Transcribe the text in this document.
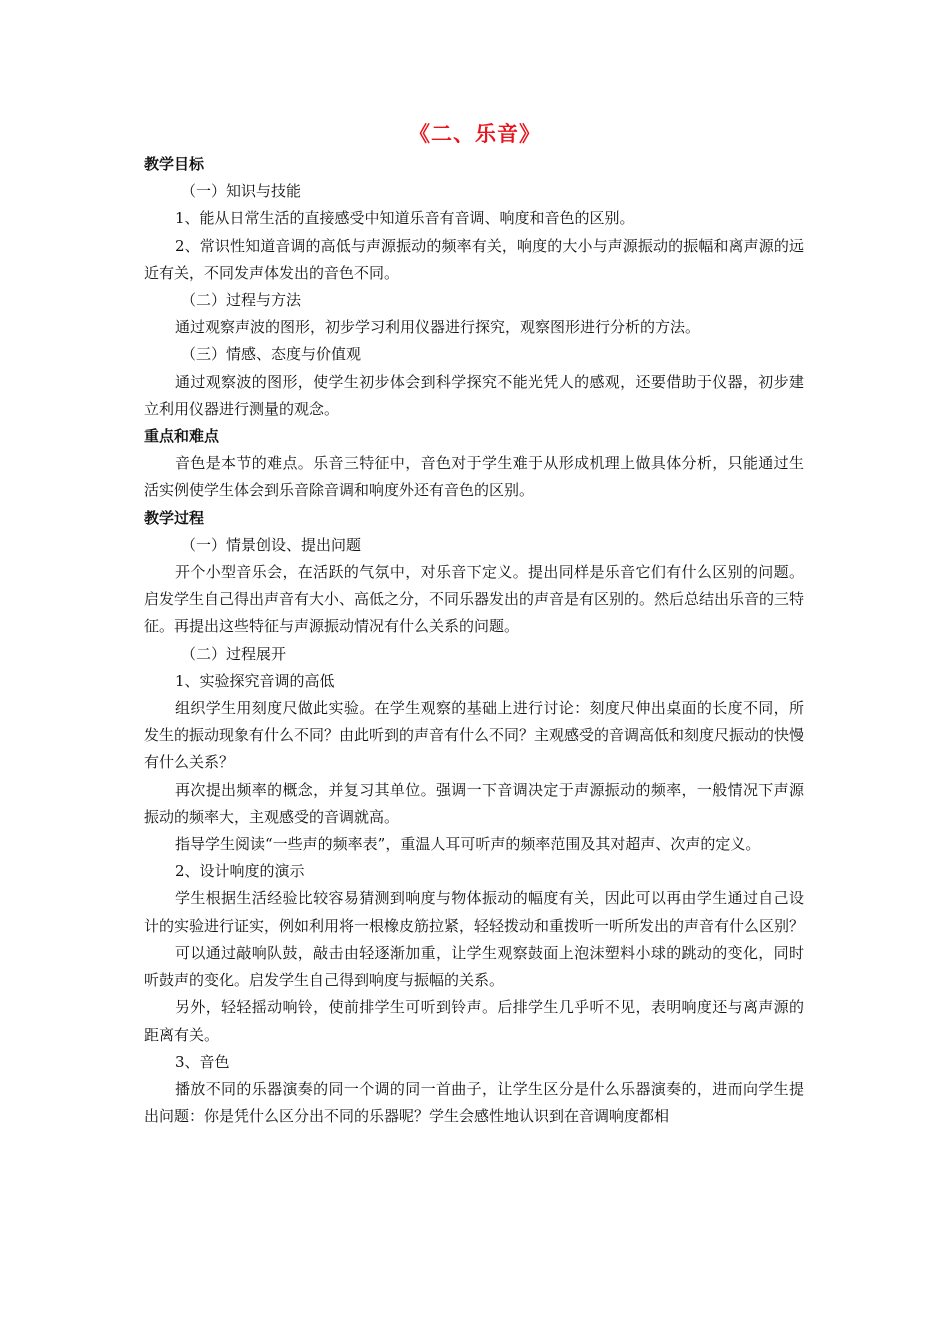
《二、乐音》

教学目标

（一）知识与技能

1、能从日常生活的直接感受中知道乐音有音调、响度和音色的区别。

2、常识性知道音调的高低与声源振动的频率有关，响度的大小与声源振动的振幅和离声源的远近有关，不同发声体发出的音色不同。

（二）过程与方法

通过观察声波的图形，初步学习利用仪器进行探究，观察图形进行分析的方法。

（三）情感、态度与价值观

通过观察波的图形，使学生初步体会到科学探究不能光凭人的感观，还要借助于仪器，初步建立利用仪器进行测量的观念。

重点和难点

音色是本节的难点。乐音三特征中，音色对于学生难于从形成机理上做具体分析，只能通过生活实例使学生体会到乐音除音调和响度外还有音色的区别。

教学过程

（一）情景创设、提出问题

开个小型音乐会，在活跃的气氛中，对乐音下定义。提出同样是乐音它们有什么区别的问题。启发学生自己得出声音有大小、高低之分，不同乐器发出的声音是有区别的。然后总结出乐音的三特征。再提出这些特征与声源振动情况有什么关系的问题。

（二）过程展开

1、实验探究音调的高低

组织学生用刻度尺做此实验。在学生观察的基础上进行讨论：刻度尺伸出桌面的长度不同，所发生的振动现象有什么不同？由此听到的声音有什么不同？主观感受的音调高低和刻度尺振动的快慢有什么关系？

再次提出频率的概念，并复习其单位。强调一下音调决定于声源振动的频率，一般情况下声源振动的频率大，主观感受的音调就高。

指导学生阅读“一些声的频率表”，重温人耳可听声的频率范围及其对超声、次声的定义。

2、设计响度的演示

学生根据生活经验比较容易猜测到响度与物体振动的幅度有关，因此可以再由学生通过自己设计的实验进行证实，例如利用将一根橡皮筋拉紧，轻轻拨动和重拨听一听所发出的声音有什么区别？

可以通过敲响队鼓，敲击由轻逐渐加重，让学生观察鼓面上泡沫塑料小球的跳动的变化，同时听鼓声的变化。启发学生自己得到响度与振幅的关系。

另外，轻轻摇动响铃，使前排学生可听到铃声。后排学生几乎听不见，表明响度还与离声源的距离有关。

3、音色

播放不同的乐器演奏的同一个调的同一首曲子，让学生区分是什么乐器演奏的，进而向学生提出问题：你是凭什么区分出不同的乐器呢？学生会感性地认识到在音调响度都相
